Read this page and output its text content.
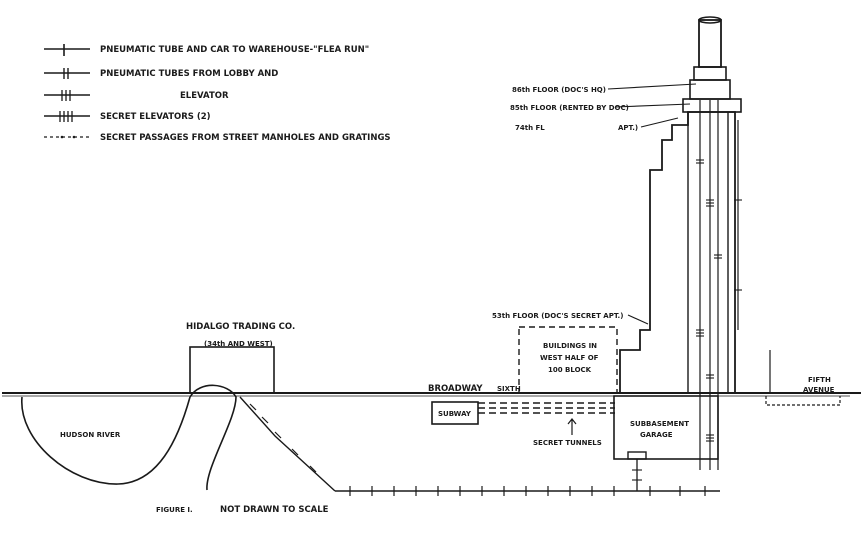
PNEUMATIC TUBE AND CAR TO WAREHOUSE-"FLEA RUN"
PNEUMATIC TUBES FROM LOBBY AND
ELEVATOR
SECRET ELEVATORS (2)
SECRET PASSAGES FROM STREET MANHOLES AND GRATINGS
HUDSON RIVER
HIDALGO TRADING CO.
(34th AND WEST)
BROADWAY SIXTH
SUBWAY
SECRET TUNNELS
BUILDINGS IN
WEST HALF OF
100 BLOCK
86th FLOOR (DOC'S HQ)
85th FLOOR (RENTED BY DOC)
74th FL	APT.)
53th FLOOR (DOC'S SECRET APT.)
SUBBASEMENT
GARAGE
FIFTH
AVENUE
FIGURE I.	NOT DRAWN TO SCALE
